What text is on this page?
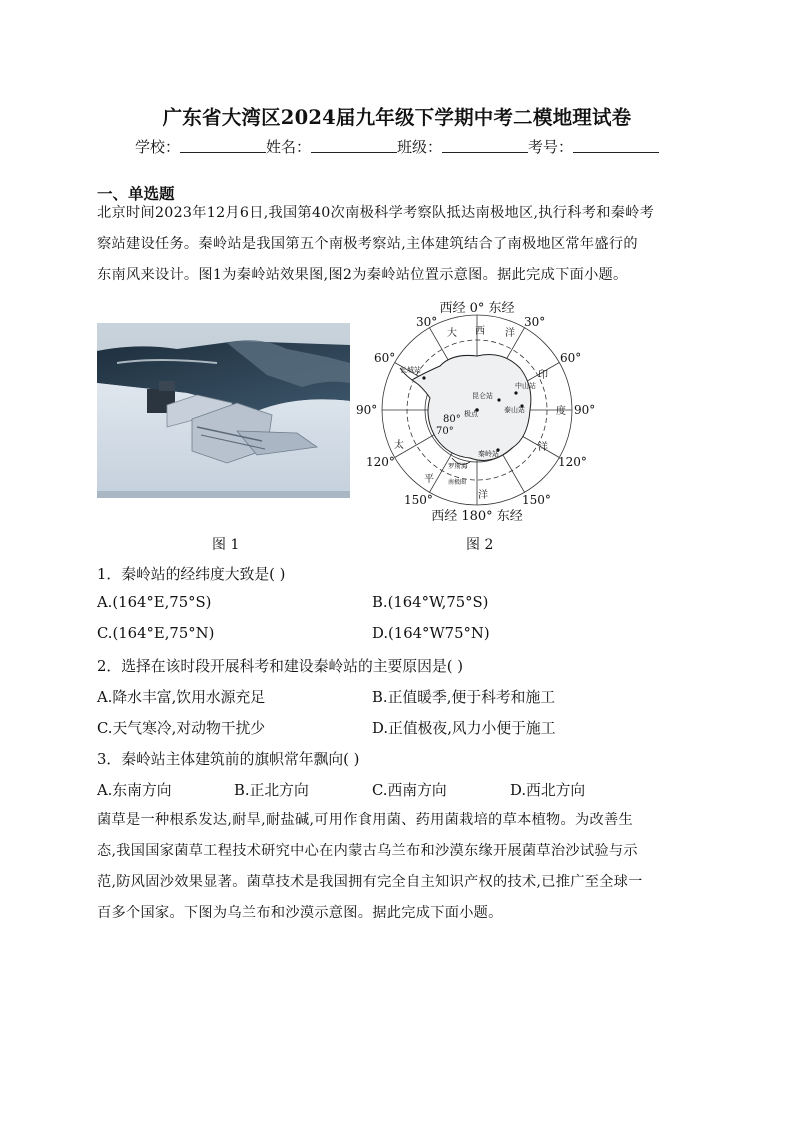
广东省大湾区2024届九年级下学期中考二模地理试卷
学校：	姓名：	班级：	考号：
一、单选题
北京时间2023年12月6日,我国第40次南极科学考察队抵达南极地区,执行科考和秦岭考
察站建设任务。秦岭站是我国第五个南极考察站,主体建筑结合了南极地区常年盛行的
东南风来设计。图1为秦岭站效果图,图2为秦岭站位置示意图。据此完成下面小题。
图 1
西经 0° 东经
西经 180° 东经
30°	30°
60°	60°
90°	90°
120°	120°
150°	150°
80°
70°
大 西 洋
印
度
洋
太
平
洋
长城站
昆仑站
中山站
泰山站
极点
秦岭站
罗斯海
南极圈
图 2
1．秦岭站的经纬度大致是( )
A.(164°E,75°S)	B.(164°W,75°S)
C.(164°E,75°N)	D.(164°W75°N)
2．选择在该时段开展科考和建设秦岭站的主要原因是( )
A.降水丰富,饮用水源充足	B.正值暖季,便于科考和施工
C.天气寒冷,对动物干扰少	D.正值极夜,风力小便于施工
3．秦岭站主体建筑前的旗帜常年飘向( )
A.东南方向	B.正北方向	C.西南方向	D.西北方向
菌草是一种根系发达,耐旱,耐盐碱,可用作食用菌、药用菌栽培的草本植物。为改善生
态,我国国家菌草工程技术研究中心在内蒙古乌兰布和沙漠东缘开展菌草治沙试验与示
范,防风固沙效果显著。菌草技术是我国拥有完全自主知识产权的技术,已推广至全球一
百多个国家。下图为乌兰布和沙漠示意图。据此完成下面小题。
